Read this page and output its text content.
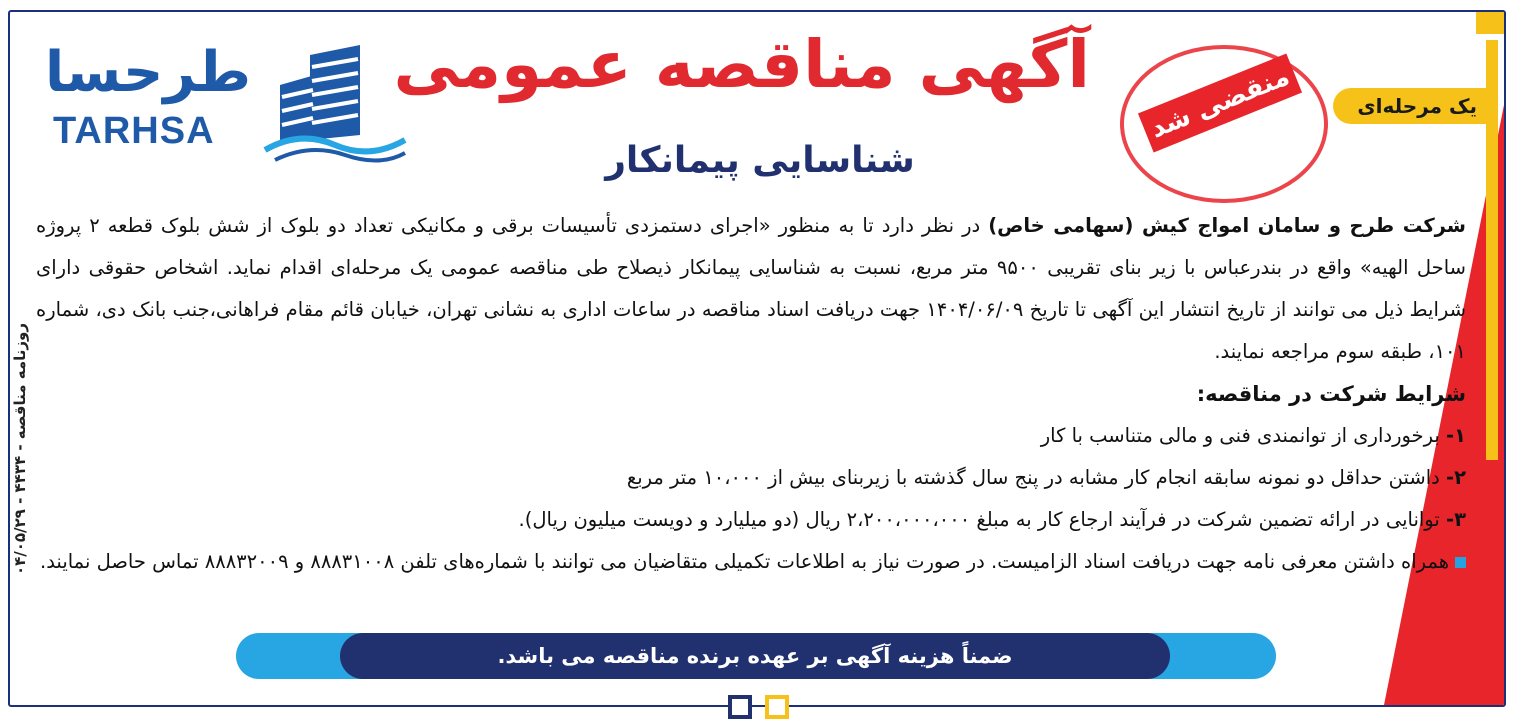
یک مرحله‌ای
روزنامه مناقصه - ۴۴۳۴ - ۰۴/۰۵/۲۹
طرحسا
TARHSA
آگهی مناقصه عمومی
شناسایی پیمانکار
منقضی شد

شرکت طرح و سامان امواج کیش (سهامی خاص) در نظر دارد تا به منظور «اجرای دستمزدی تأسیسات برقی و مکانیکی تعداد دو بلوک از شش بلوک قطعه ۲ پروژه ساحل الهیه» واقع در بندرعباس با زیر بنای تقریبی ۹۵۰۰ متر مربع، نسبت به شناسایی پیمانکار ذیصلاح طی مناقصه عمومی یک مرحله‌ای اقدام نماید. اشخاص حقوقی دارای شرایط ذیل می توانند از تاریخ انتشار این آگهی تا تاریخ ۱۴۰۴/۰۶/۰۹ جهت دریافت اسناد مناقصه در ساعات اداری به نشانی تهران، خیابان قائم مقام فراهانی،جنب بانک دی، شماره ۱۰۱، طبقه سوم مراجعه نمایند.

شرایط شرکت در مناقصه:

۱- برخورداری از توانمندی فنی و مالی متناسب با کار

۲- داشتن حداقل دو نمونه سابقه انجام کار مشابه در پنج سال گذشته با زیربنای بیش از ۱۰،۰۰۰ متر مربع

۳- توانایی در ارائه تضمین شرکت در فرآیند ارجاع کار به مبلغ ۲،۲۰۰،۰۰۰،۰۰۰ ریال (دو میلیارد و دویست میلیون ریال).

همراه داشتن معرفی نامه جهت دریافت اسناد الزامیست. در صورت نیاز به اطلاعات تکمیلی متقاضیان می توانند با شماره‌های تلفن ۸۸۸۳۱۰۰۸ و ۸۸۸۳۲۰۰۹ تماس حاصل نمایند.

ضمناً هزینه آگهی بر عهده برنده مناقصه می باشد.
